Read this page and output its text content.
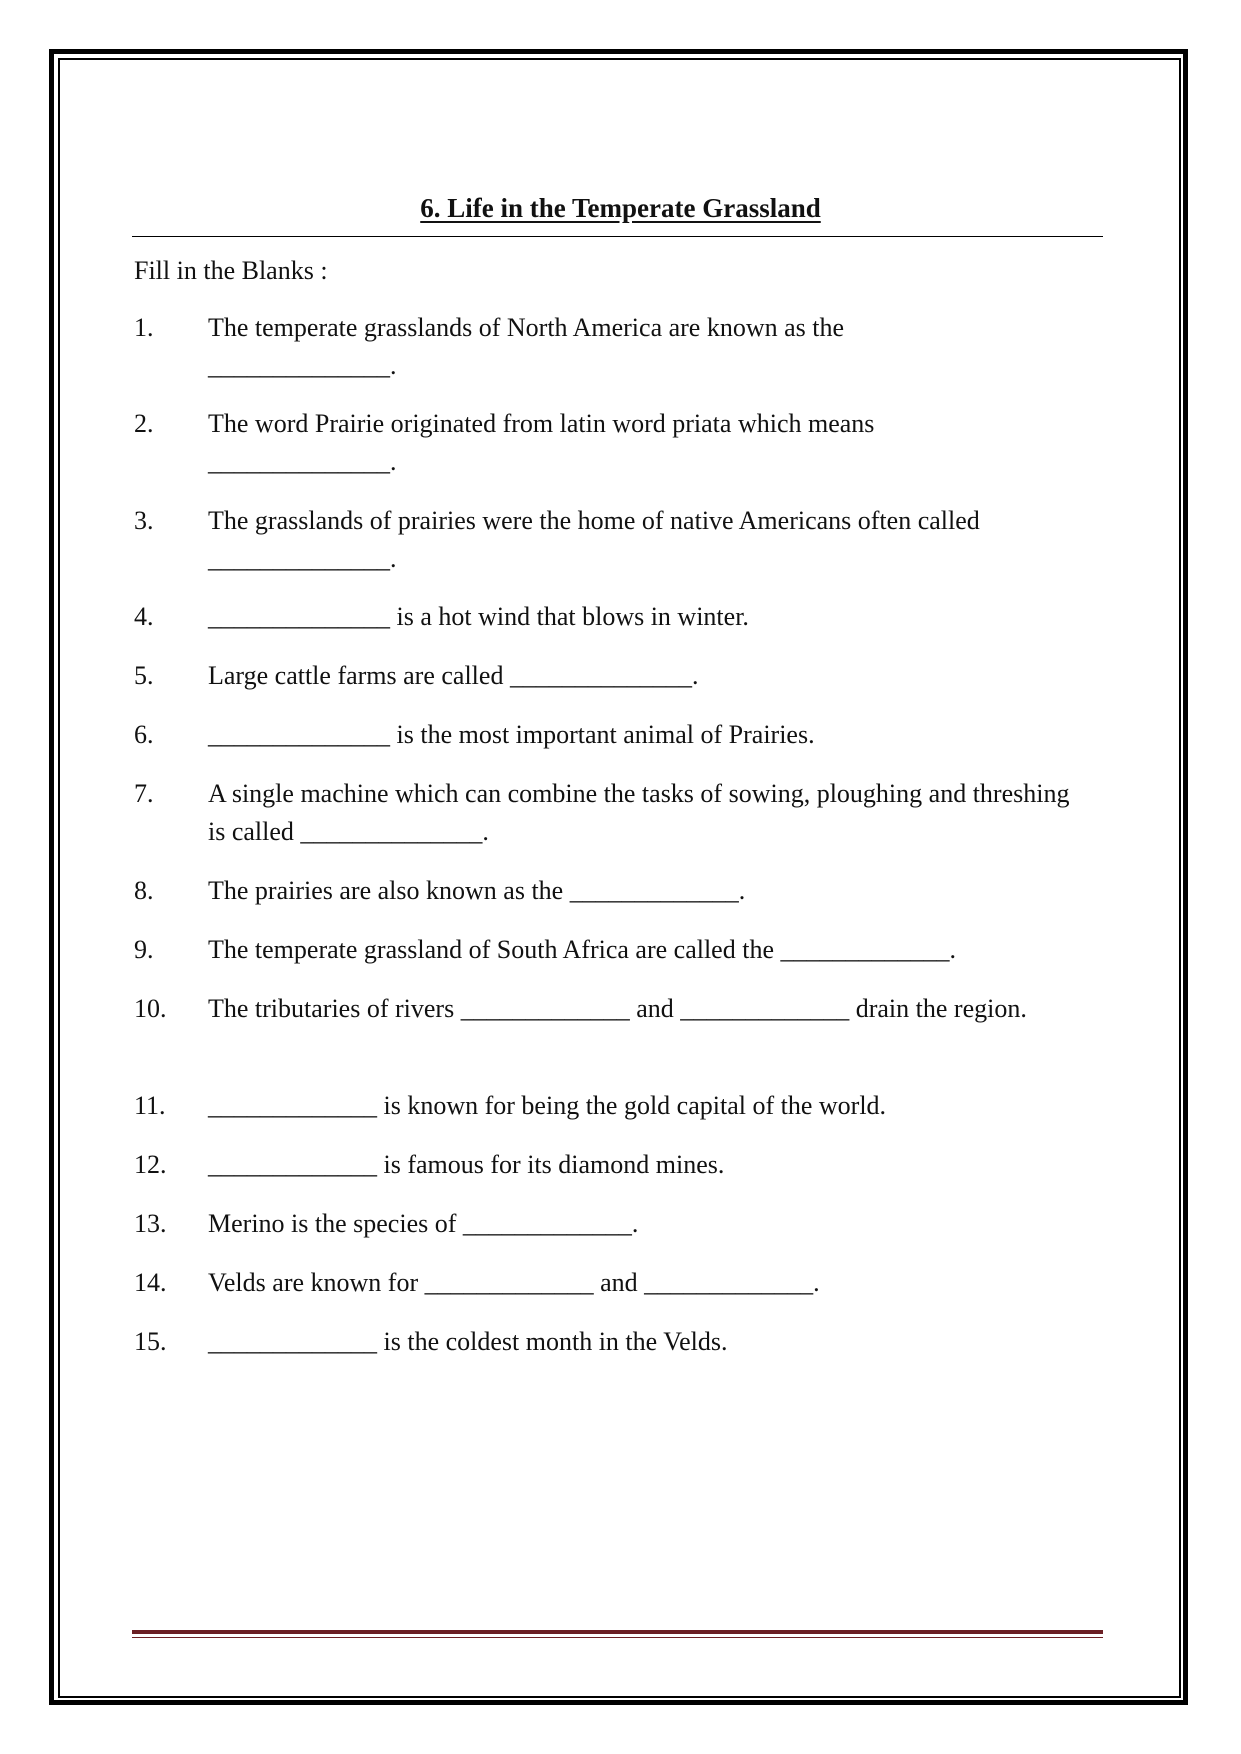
6. Life in the Temperate Grassland
Fill in the Blanks :
1. The temperate grasslands of North America are known as the ______________.
2. The word Prairie originated from latin word priata which means ______________.
3. The grasslands of prairies were the home of native Americans often called ______________.
4. ______________ is a hot wind that blows in winter.
5. Large cattle farms are called ______________.
6. ______________ is the most important animal of Prairies.
7. A single machine which can combine the tasks of sowing, ploughing and threshing is called ______________.
8. The prairies are also known as the _____________.
9. The temperate grassland of South Africa are called the _____________.
10. The tributaries of rivers _____________ and _____________ drain the region.
11. _____________ is known for being the gold capital of the world.
12. _____________ is famous for its diamond mines.
13. Merino is the species of _____________.
14. Velds are known for _____________ and _____________.
15. _____________ is the coldest month in the Velds.
